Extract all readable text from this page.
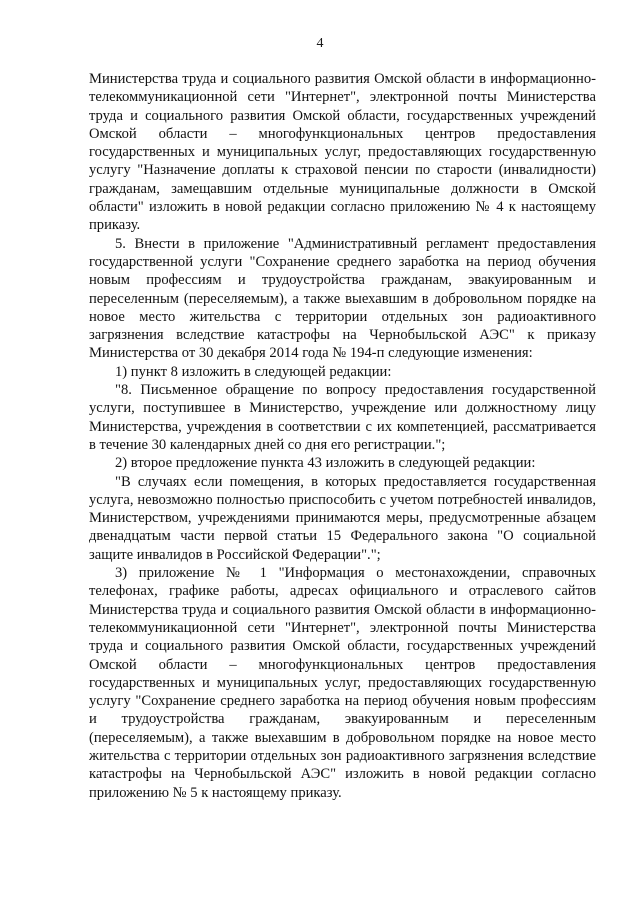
4

Министерства труда и социального развития Омской области в информационно-телекоммуникационной сети "Интернет", электронной почты Министерства труда и социального развития Омской области, государственных учреждений Омской области – многофункциональных центров предоставления государственных и муниципальных услуг, предоставляющих государственную услугу "Назначение доплаты к страховой пенсии по старости (инвалидности) гражданам, замещавшим отдельные муниципальные должности в Омской области" изложить в новой редакции согласно приложению № 4 к настоящему приказу.

5. Внести в приложение "Административный регламент предоставления государственной услуги "Сохранение среднего заработка на период обучения новым профессиям и трудоустройства гражданам, эвакуированным и переселенным (переселяемым), а также выехавшим в добровольном порядке на новое место жительства с территории отдельных зон радиоактивного загрязнения вследствие катастрофы на Чернобыльской АЭС" к приказу Министерства от 30 декабря 2014 года № 194-п следующие изменения:

1) пункт 8 изложить в следующей редакции:

"8. Письменное обращение по вопросу предоставления государственной услуги, поступившее в Министерство, учреждение или должностному лицу Министерства, учреждения в соответствии с их компетенцией, рассматривается в течение 30 календарных дней со дня его регистрации.";

2) второе предложение пункта 43 изложить в следующей редакции:

"В случаях если помещения, в которых предоставляется государственная услуга, невозможно полностью приспособить с учетом потребностей инвалидов, Министерством, учреждениями принимаются меры, предусмотренные абзацем двенадцатым части первой статьи 15 Федерального закона "О социальной защите инвалидов в Российской Федерации".";

3) приложение № 1 "Информация о местонахождении, справочных телефонах, графике работы, адресах официального и отраслевого сайтов Министерства труда и социального развития Омской области в информационно-телекоммуникационной сети "Интернет", электронной почты Министерства труда и социального развития Омской области, государственных учреждений Омской области – многофункциональных центров предоставления государственных и муниципальных услуг, предоставляющих государственную услугу "Сохранение среднего заработка на период обучения новым профессиям и трудоустройства гражданам, эвакуированным и переселенным (переселяемым), а также выехавшим в добровольном порядке на новое место жительства с территории отдельных зон радиоактивного загрязнения вследствие катастрофы на Чернобыльской АЭС" изложить в новой редакции согласно приложению № 5 к настоящему приказу.
